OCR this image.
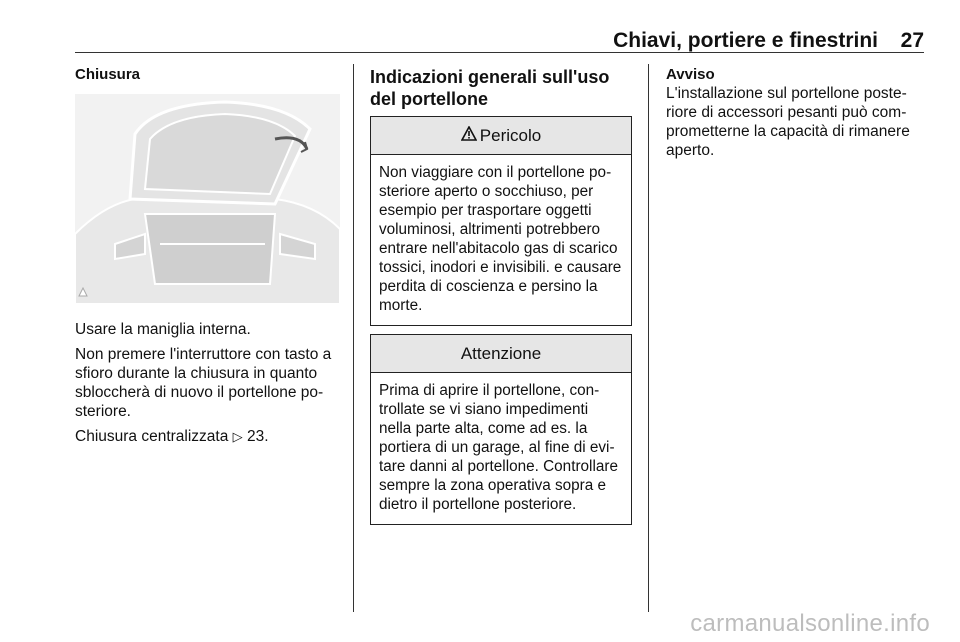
Chiavi, portiere e finestrini 27
Chiusura

Usare la maniglia interna.

Non premere l'interruttore con tasto a sfioro durante la chiusura in quanto sbloccherà di nuovo il portellone posteriore.

Chiusura centralizzata ▷ 23.

Indicazioni generali sull'uso del portellone
Pericolo

Non viaggiare con il portellone posteriore aperto o socchiuso, per esempio per trasportare oggetti voluminosi, altrimenti potrebbero entrare nell'abitacolo gas di scarico tossici, inodori e invisibili. e causare perdita di coscienza e persino la morte.

Attenzione

Prima di aprire il portellone, controllate se vi siano impedimenti nella parte alta, come ad es. la portiera di un garage, al fine di evitare danni al portellone. Controllare sempre la zona operativa sopra e dietro il portellone posteriore.

Avviso

L'installazione sul portellone posteriore di accessori pesanti può comprometterne la capacità di rimanere aperto.

carmanualsonline.info
